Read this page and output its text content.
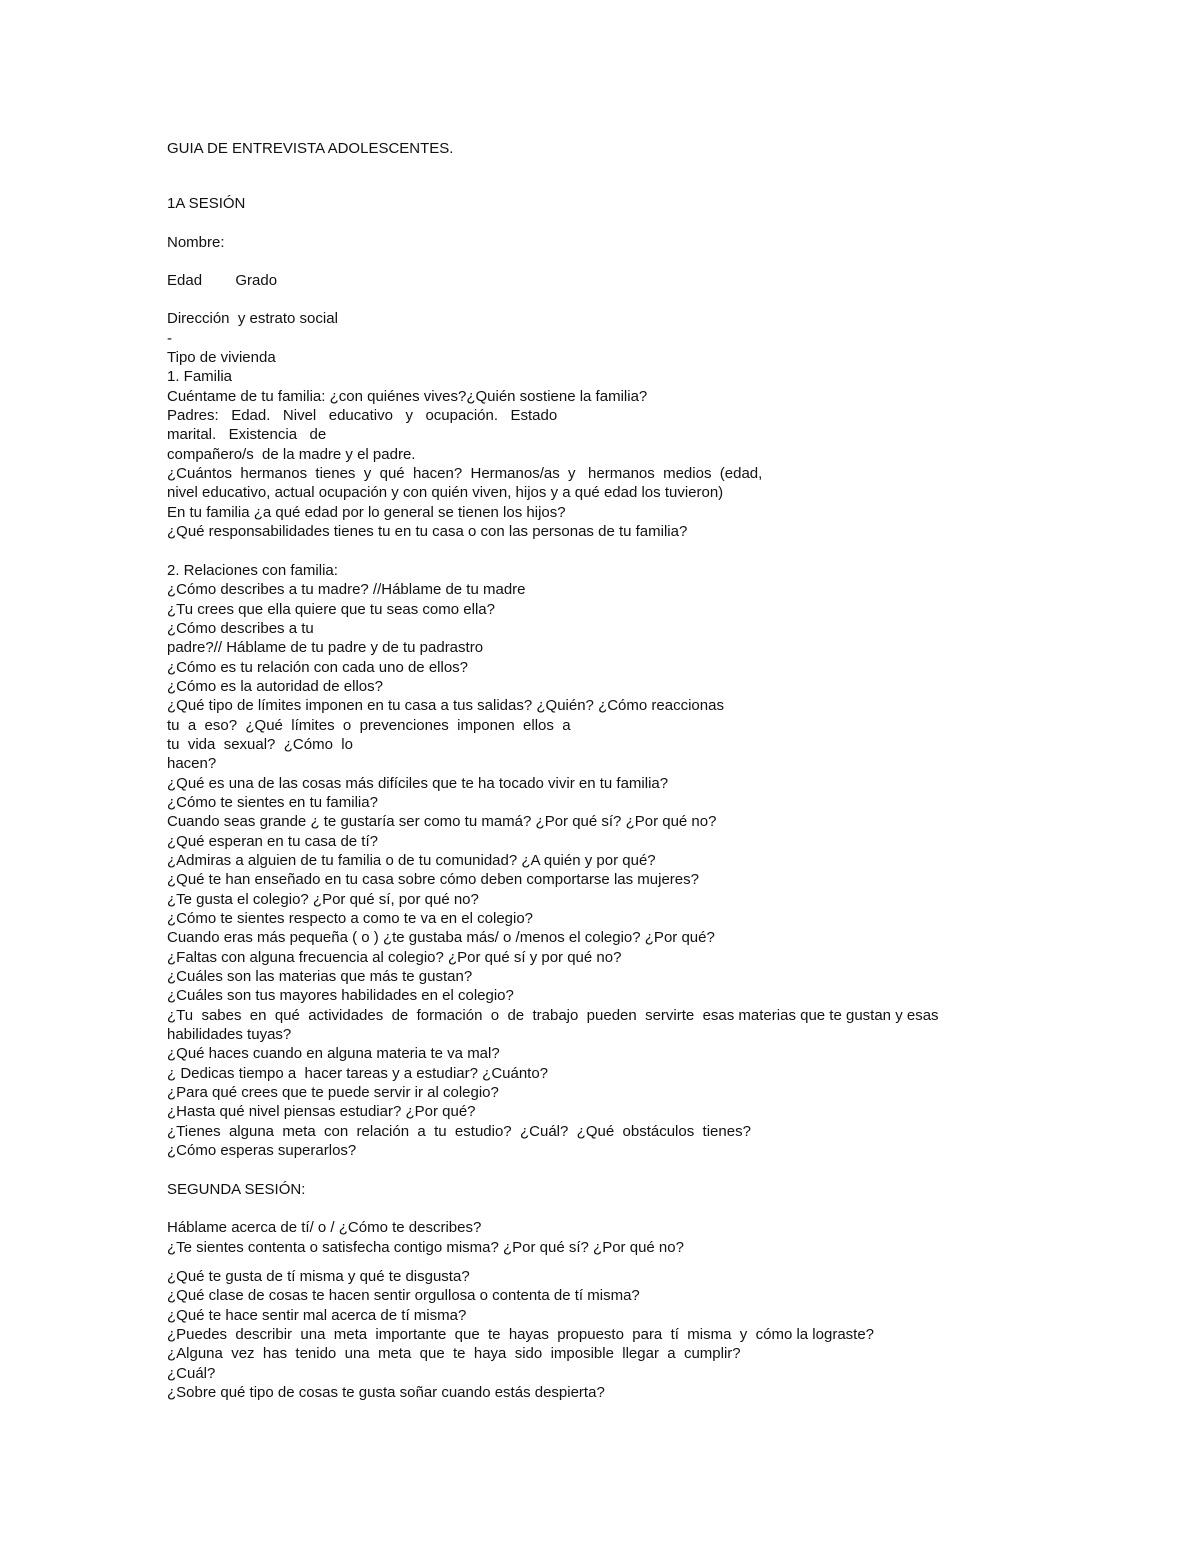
GUIA DE ENTREVISTA ADOLESCENTES.
1A SESIÓN
Nombre:
Edad        Grado
Dirección  y estrato social
-
Tipo de vivienda
1. Familia
Cuéntame de tu familia: ¿con quiénes vives?¿Quién sostiene la familia?
Padres:   Edad.   Nivel   educativo   y   ocupación.   Estado
marital.   Existencia   de
compañero/s  de la madre y el padre.
¿Cuántos  hermanos  tienes  y  qué  hacen?  Hermanos/as  y   hermanos  medios  (edad,
nivel educativo, actual ocupación y con quién viven, hijos y a qué edad los tuvieron)
En tu familia ¿a qué edad por lo general se tienen los hijos?
¿Qué responsabilidades tienes tu en tu casa o con las personas de tu familia?
2. Relaciones con familia:
¿Cómo describes a tu madre? //Háblame de tu madre
¿Tu crees que ella quiere que tu seas como ella?
¿Cómo describes a tu
padre?// Háblame de tu padre y de tu padrastro
¿Cómo es tu relación con cada uno de ellos?
¿Cómo es la autoridad de ellos?
¿Qué tipo de límites imponen en tu casa a tus salidas? ¿Quién? ¿Cómo reaccionas
tu  a  eso?  ¿Qué  límites  o  prevenciones  imponen  ellos  a
tu  vida  sexual?  ¿Cómo  lo
hacen?
¿Qué es una de las cosas más difíciles que te ha tocado vivir en tu familia?
¿Cómo te sientes en tu familia?
Cuando seas grande ¿ te gustaría ser como tu mamá? ¿Por qué sí? ¿Por qué no?
¿Qué esperan en tu casa de tí?
¿Admiras a alguien de tu familia o de tu comunidad? ¿A quién y por qué?
¿Qué te han enseñado en tu casa sobre cómo deben comportarse las mujeres?
¿Te gusta el colegio? ¿Por qué sí, por qué no?
¿Cómo te sientes respecto a como te va en el colegio?
Cuando eras más pequeña ( o ) ¿te gustaba más/ o /menos el colegio? ¿Por qué?
¿Faltas con alguna frecuencia al colegio? ¿Por qué sí y por qué no?
¿Cuáles son las materias que más te gustan?
¿Cuáles son tus mayores habilidades en el colegio?
¿Tu  sabes  en  qué  actividades  de  formación  o  de  trabajo  pueden  servirte  esas materias que te gustan y esas
habilidades tuyas?
¿Qué haces cuando en alguna materia te va mal?
¿ Dedicas tiempo a  hacer tareas y a estudiar? ¿Cuánto?
¿Para qué crees que te puede servir ir al colegio?
¿Hasta qué nivel piensas estudiar? ¿Por qué?
¿Tienes  alguna  meta  con  relación  a  tu  estudio?  ¿Cuál?  ¿Qué  obstáculos  tienes?
¿Cómo esperas superarlos?
SEGUNDA SESIÓN:
Háblame acerca de tí/ o / ¿Cómo te describes?
¿Te sientes contenta o satisfecha contigo misma? ¿Por qué sí? ¿Por qué no?
¿Qué te gusta de tí misma y qué te disgusta?
¿Qué clase de cosas te hacen sentir orgullosa o contenta de tí misma?
¿Qué te hace sentir mal acerca de tí misma?
¿Puedes  describir  una  meta  importante  que  te  hayas  propuesto  para  tí  misma  y  cómo la lograste?
¿Alguna  vez  has  tenido  una  meta  que  te  haya  sido  imposible  llegar  a  cumplir?
¿Cuál?
¿Sobre qué tipo de cosas te gusta soñar cuando estás despierta?
